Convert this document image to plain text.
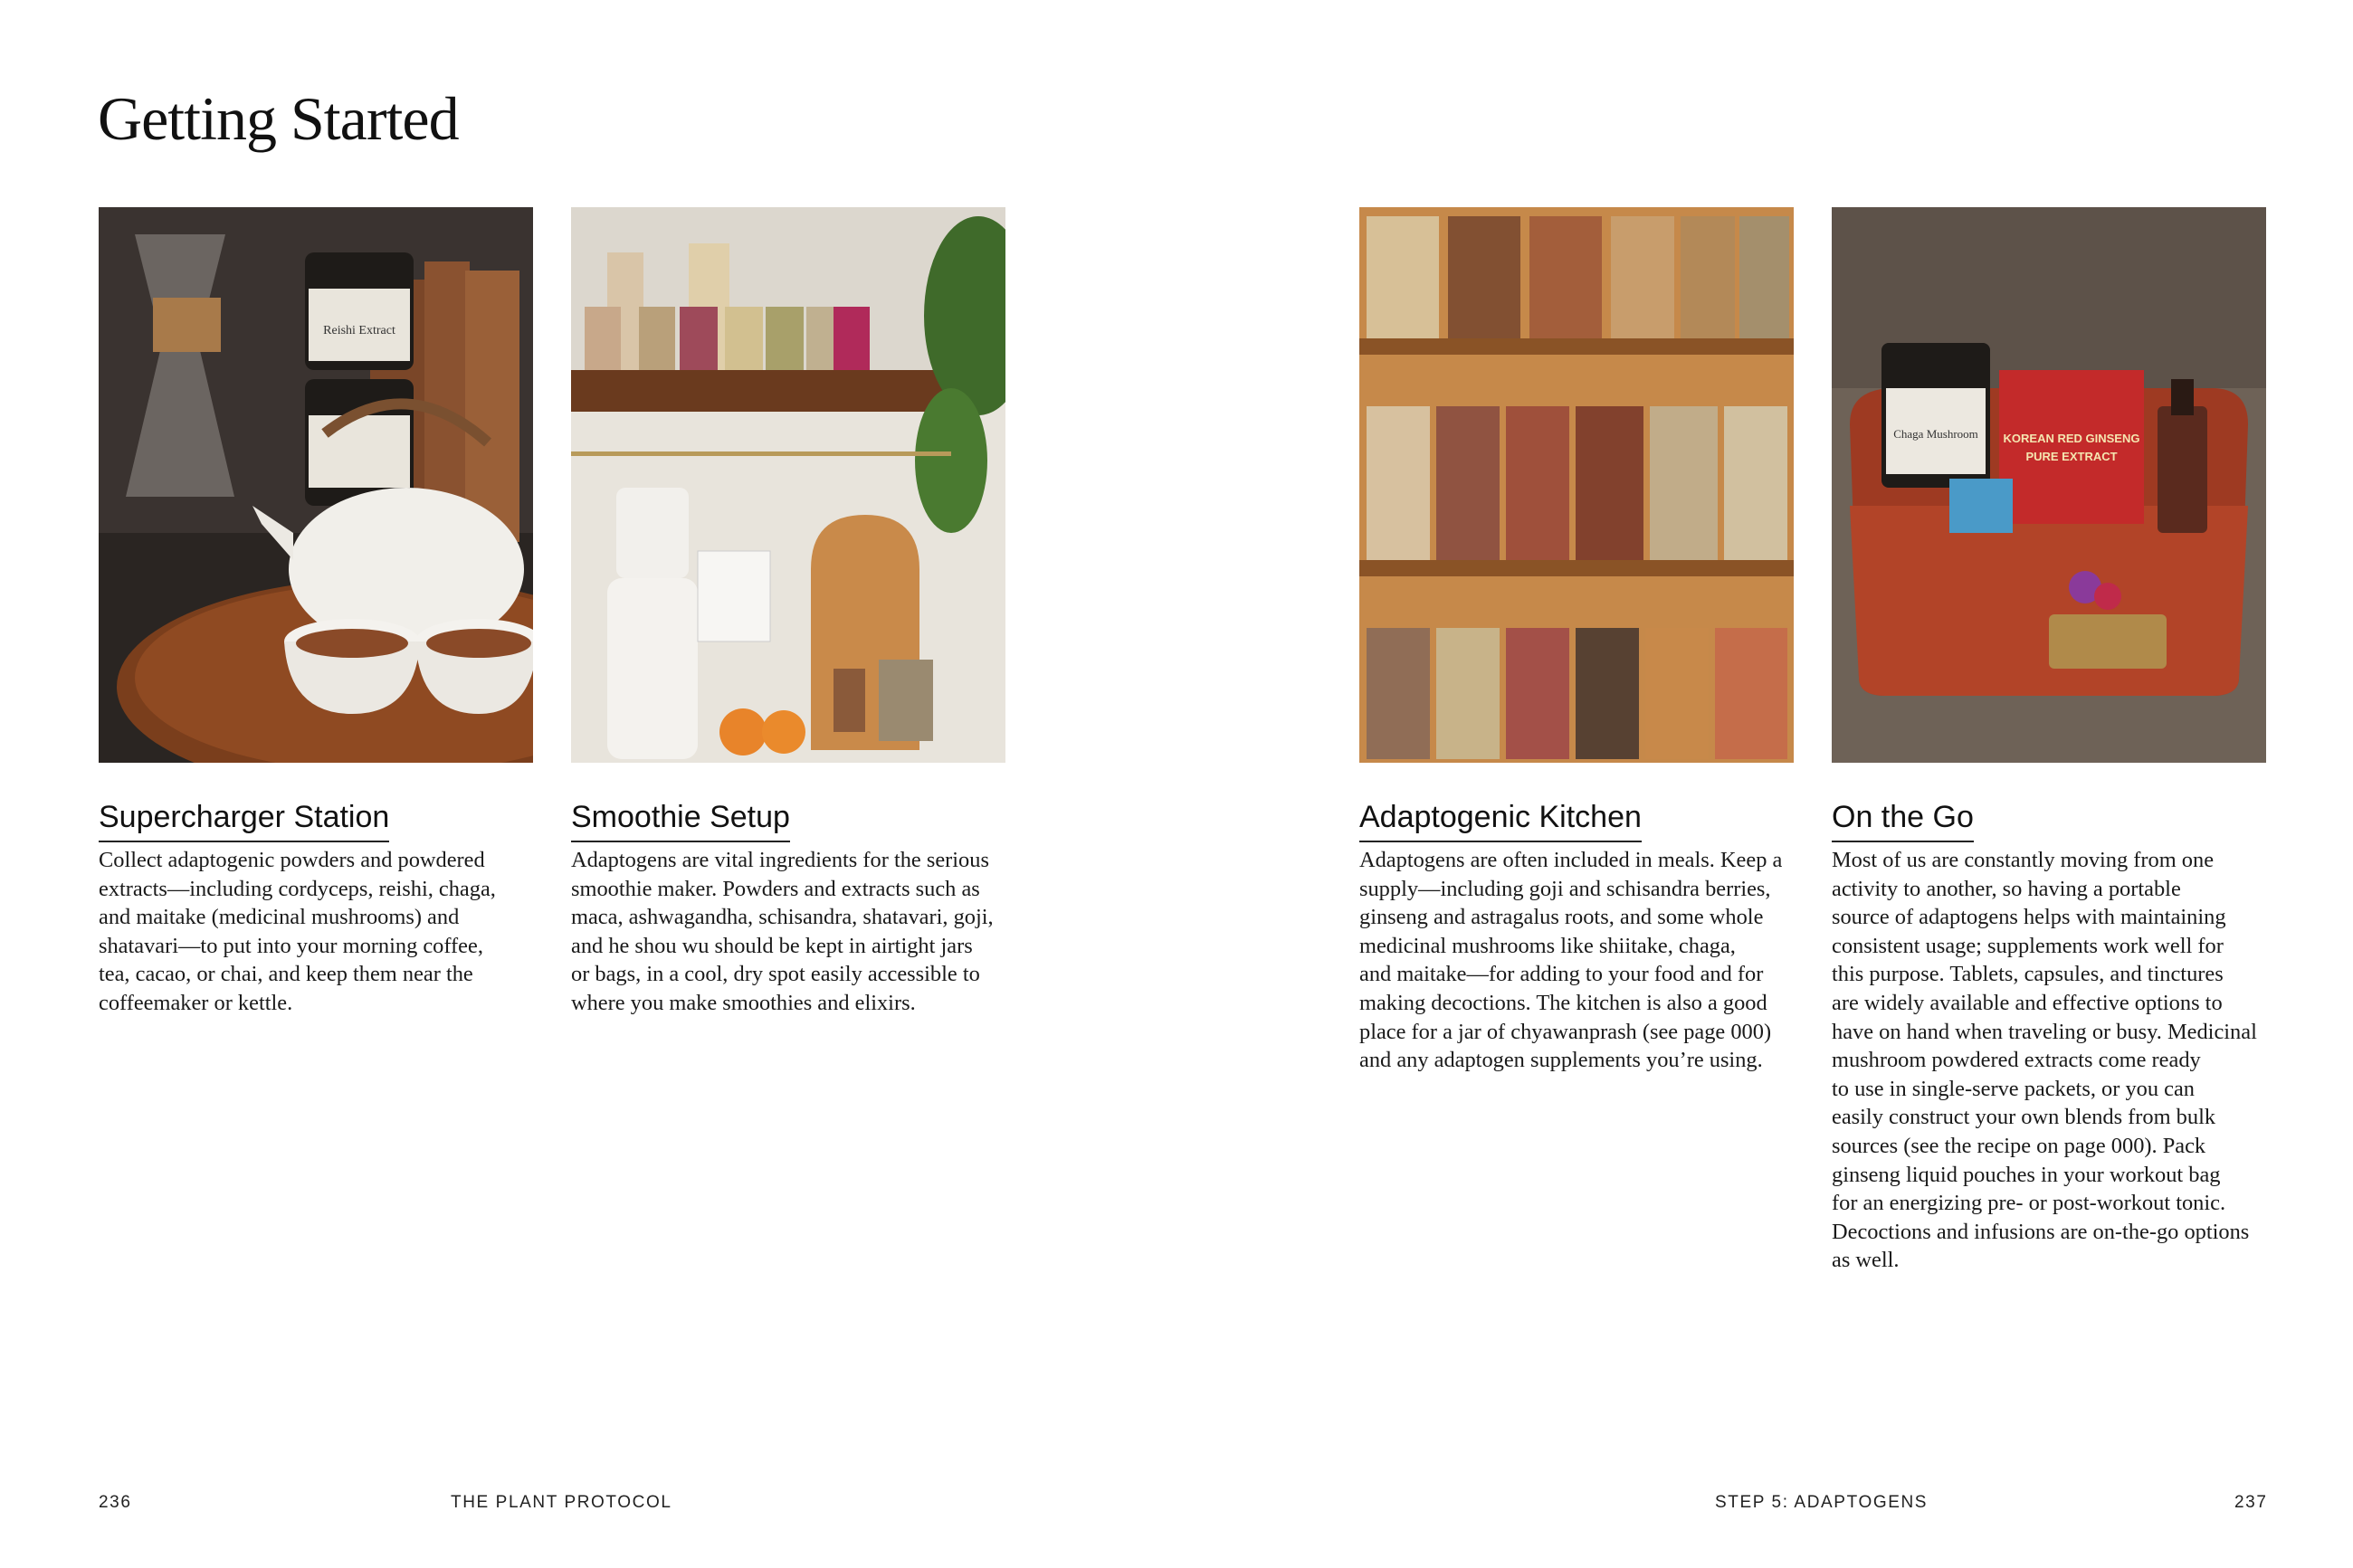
Getting Started
Reishi Extract
Chaga Mushroom KOREAN RED GINSENG
PURE EXTRACT
Supercharger Station	Smoothie Setup	Adaptogenic Kitchen	On the Go
Collect adaptogenic powders and powdered
extracts—including cordyceps, reishi, chaga,
and maitake (medicinal mushrooms) and
shatavari—to put into your morning coffee,
tea, cacao, or chai, and keep them near the
coffeemaker or kettle.
Adaptogens are vital ingredients for the serious
smoothie maker. Powders and extracts such as
maca, ashwagandha, schisandra, shatavari, goji,
and he shou wu should be kept in airtight jars
or bags, in a cool, dry spot easily accessible to
where you make smoothies and elixirs.
Adaptogens are often included in meals. Keep a
supply—including goji and schisandra berries,
ginseng and astragalus roots, and some whole
medicinal mushrooms like shiitake, chaga,
and maitake—for adding to your food and for
making decoctions. The kitchen is also a good
place for a jar of chyawanprash (see page 000)
and any adaptogen supplements you’re using.
Most of us are constantly moving from one
activity to another, so having a portable
source of adaptogens helps with maintaining
consistent usage; supplements work well for
this purpose. Tablets, capsules, and tinctures
are widely available and effective options to
have on hand when traveling or busy. Medicinal
mushroom powdered extracts come ready
to use in single-serve packets, or you can
easily construct your own blends from bulk
sources (see the recipe on page 000). Pack
ginseng liquid pouches in your workout bag
for an energizing pre- or post-workout tonic.
Decoctions and infusions are on-the-go options
as well.
236	THE PLANT PROTOCOL	STEP 5: ADAPTOGENS	237
